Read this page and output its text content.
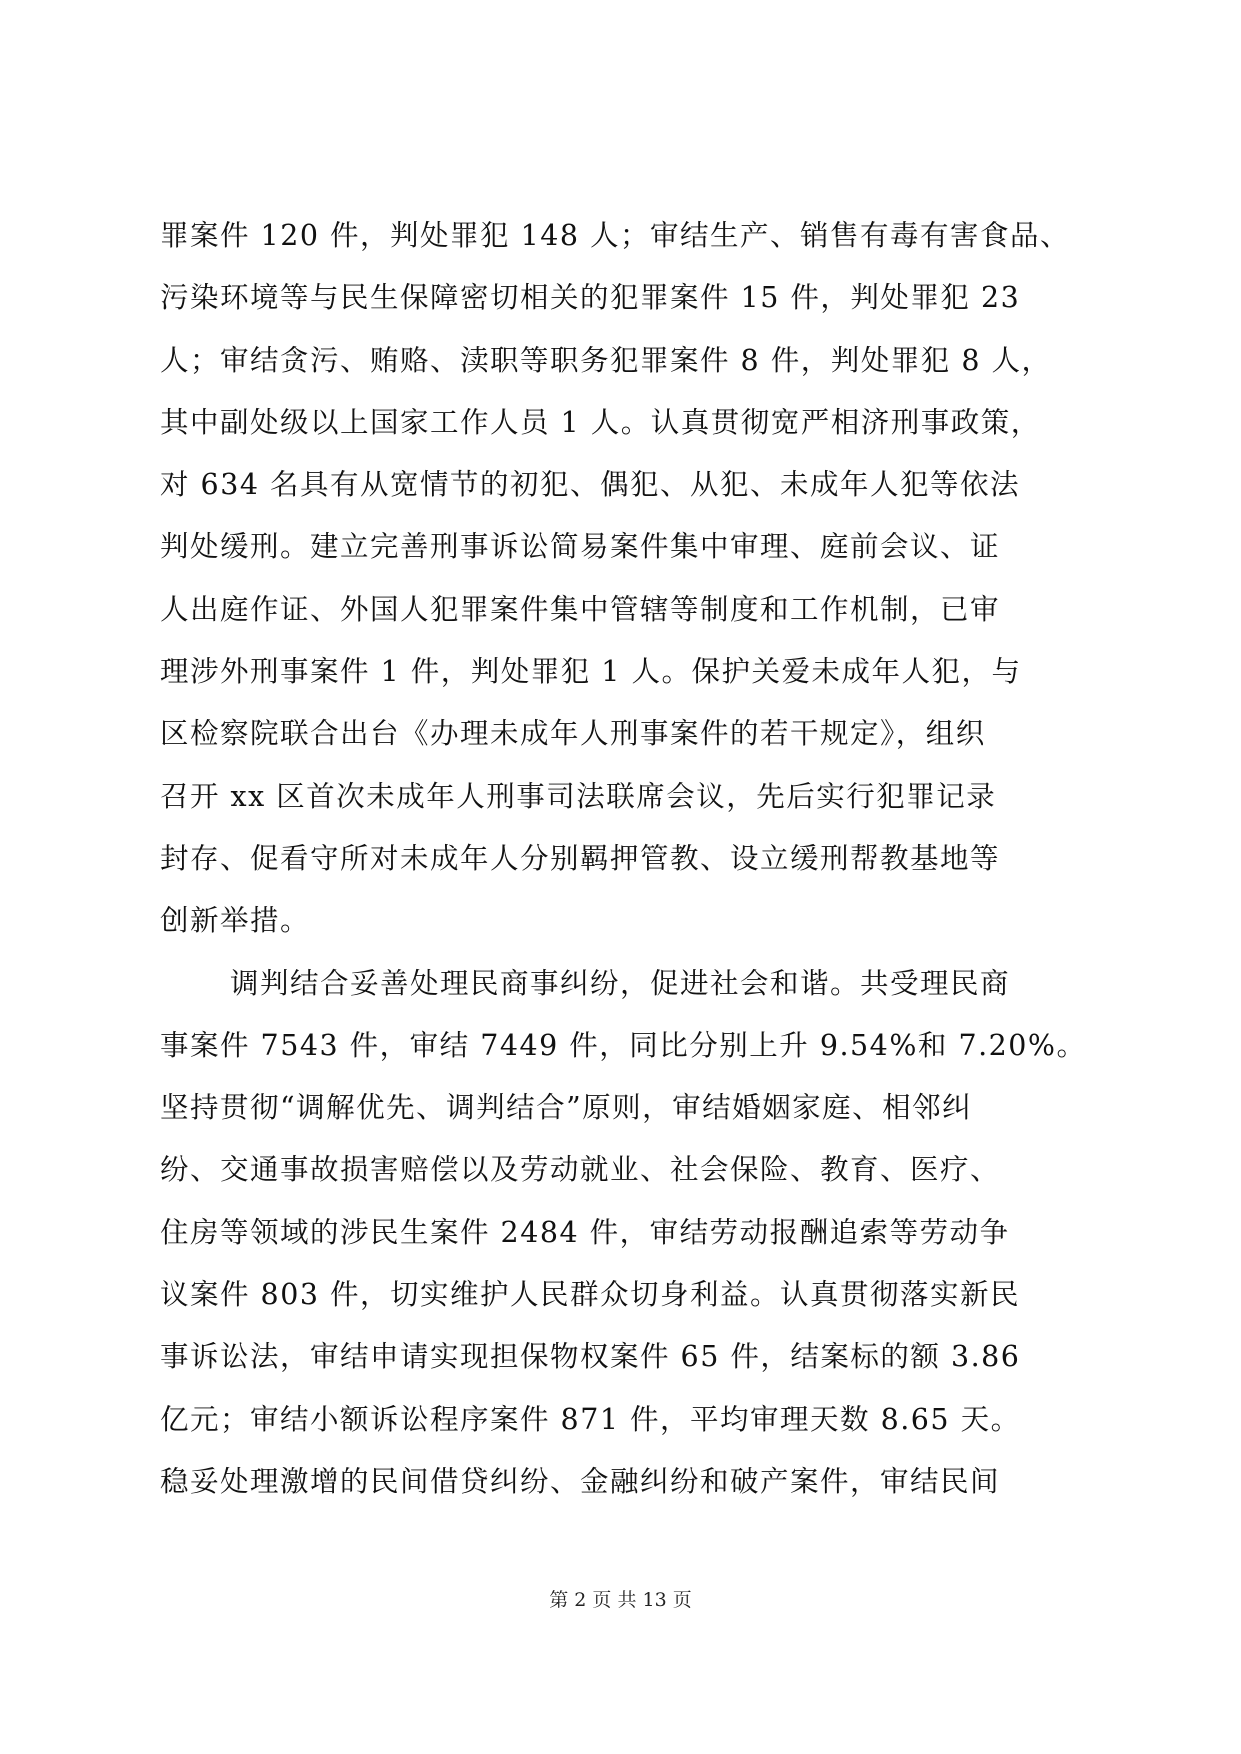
罪案件 120 件，判处罪犯 148 人；审结生产、销售有毒有害食品、
污染环境等与民生保障密切相关的犯罪案件 15 件，判处罪犯 23
人；审结贪污、贿赂、渎职等职务犯罪案件 8 件，判处罪犯 8 人，
其中副处级以上国家工作人员 1 人。认真贯彻宽严相济刑事政策，
对 634 名具有从宽情节的初犯、偶犯、从犯、未成年人犯等依法
判处缓刑。建立完善刑事诉讼简易案件集中审理、庭前会议、证
人出庭作证、外国人犯罪案件集中管辖等制度和工作机制，已审
理涉外刑事案件 1 件，判处罪犯 1 人。保护关爱未成年人犯，与
区检察院联合出台《办理未成年人刑事案件的若干规定》，组织
召开 xx 区首次未成年人刑事司法联席会议，先后实行犯罪记录
封存、促看守所对未成年人分别羁押管教、设立缓刑帮教基地等
创新举措。
调判结合妥善处理民商事纠纷，促进社会和谐。共受理民商
事案件 7543 件，审结 7449 件，同比分别上升 9.54%和 7.20%。
坚持贯彻“调解优先、调判结合”原则，审结婚姻家庭、相邻纠
纷、交通事故损害赔偿以及劳动就业、社会保险、教育、医疗、
住房等领域的涉民生案件 2484 件，审结劳动报酬追索等劳动争
议案件 803 件，切实维护人民群众切身利益。认真贯彻落实新民
事诉讼法，审结申请实现担保物权案件 65 件，结案标的额 3.86
亿元；审结小额诉讼程序案件 871 件，平均审理天数 8.65 天。
稳妥处理激增的民间借贷纠纷、金融纠纷和破产案件，审结民间
第 2 页 共 13 页
